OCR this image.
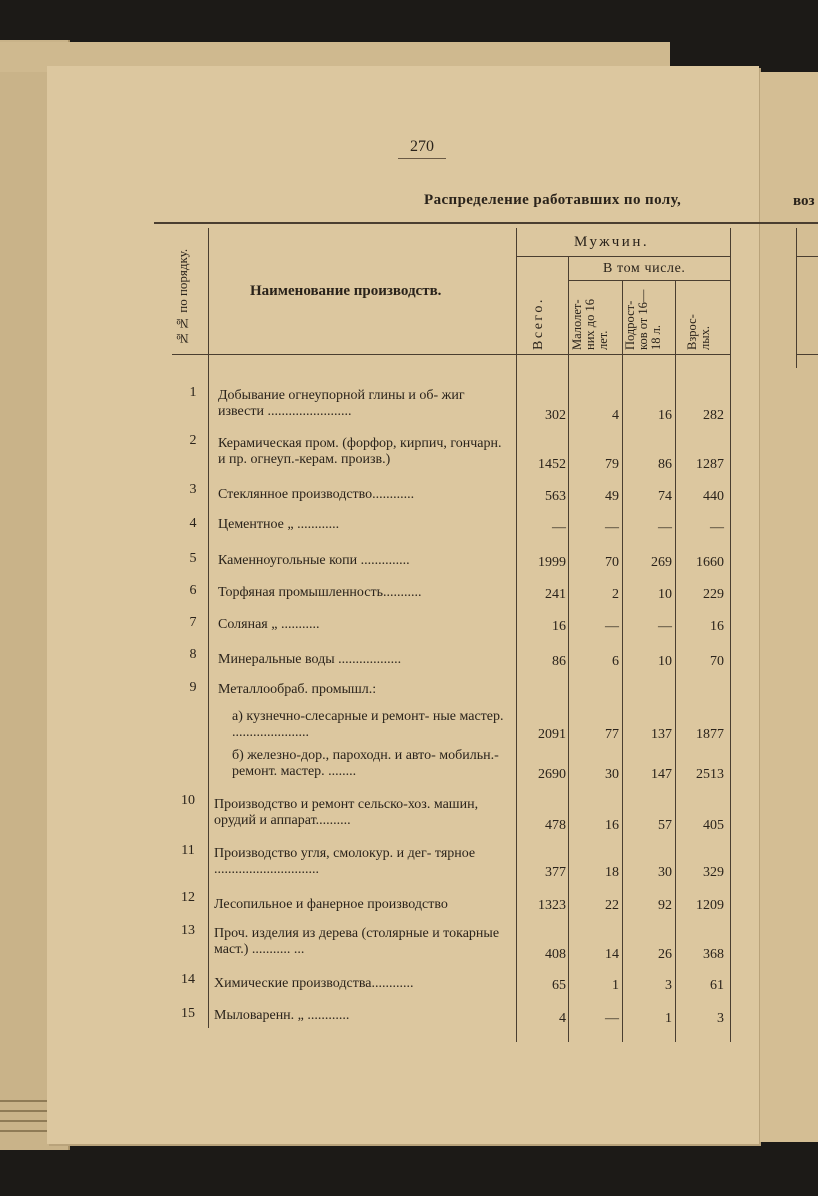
270
Распределение работавших по полу,	воз
№№ по порядку.	Наименование производств.
Мужчин.
В том числе.
Всего.	Малолет- них до 16 лет.	Подрост- ков от 16—18 л.	Взрос- лых.
1	Добывание огнеупорной глины и об- жиг извести ........................	302	4	16	282
2	Керамическая пром. (форфор, кирпич, гончарн. и пр. огнеуп.-керам. произв.)	1452	79	86	1287
3	Стеклянное производство............	563	49	74	440
4	Цементное „ ............	—	—	—	—
5	Каменноугольные копи ..............	1999	70	269	1660
6	Торфяная промышленность...........	241	2	10	229
7	Соляная „ ...........	16	—	—	16
8	Минеральные воды ..................	86	6	10	70
9	Металлообраб. промышл.:
а) кузнечно-слесарные и ремонт- ные мастер. ......................	2091	77	137	1877
б) железно-дор., пароходн. и авто- мобильн.-ремонт. мастер. ........	2690	30	147	2513
10	Производство и ремонт сельско-хоз. машин, орудий и аппарат..........	478	16	57	405
11	Производство угля, смолокур. и дег- тярное ..............................	377	18	30	329
12	Лесопильное и фанерное производство	1323	22	92	1209
13	Проч. изделия из дерева (столярные и токарные маст.) ........... ...	408	14	26	368
14	Химические производства............	65	1	3	61
15	Мыловаренн. „ ............	4	—	1	3
